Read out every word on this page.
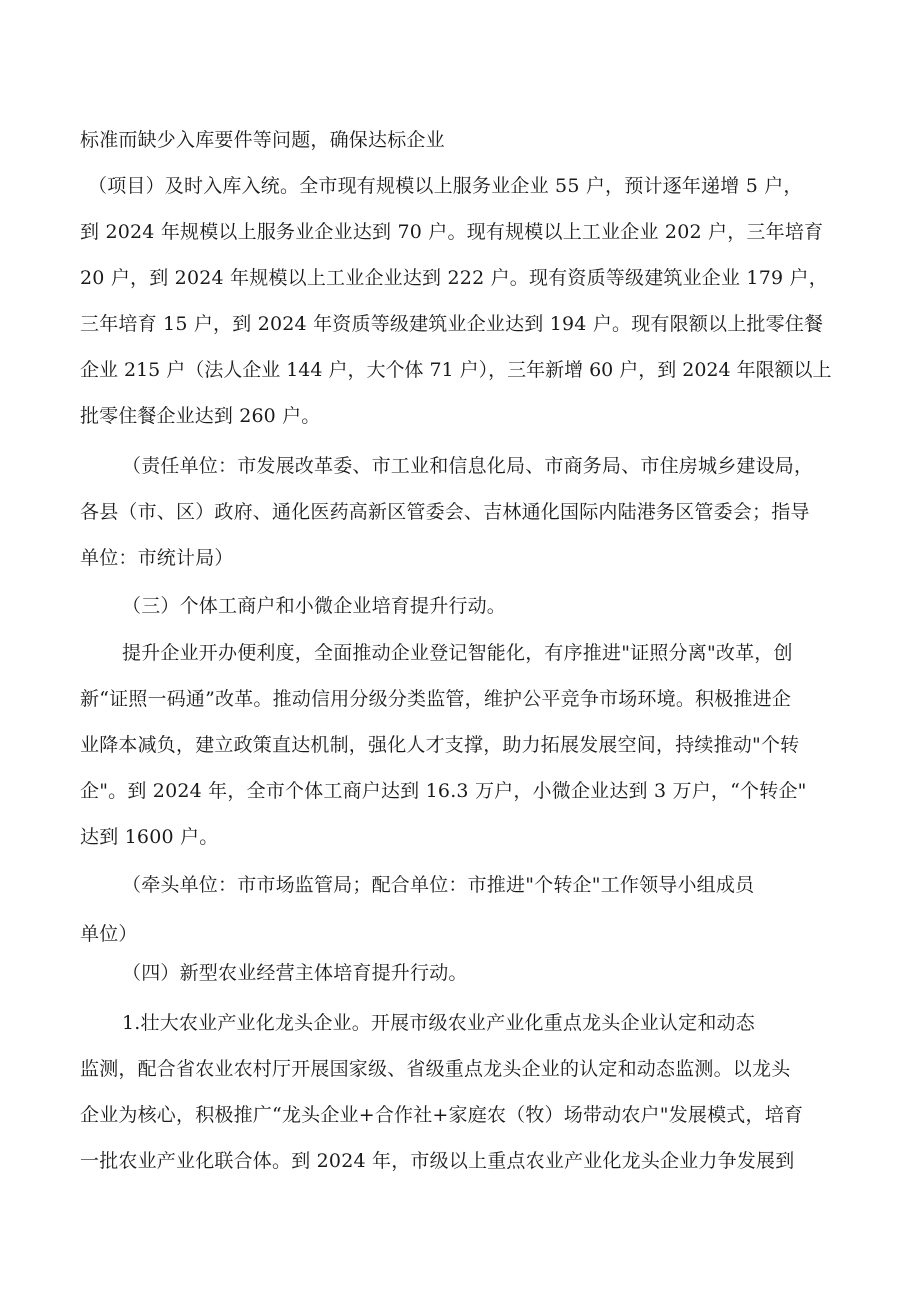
标准而缺少入库要件等问题，确保达标企业
（项目）及时入库入统。全市现有规模以上服务业企业 55 户，预计逐年递增 5 户，
到 2024 年规模以上服务业企业达到 70 户。现有规模以上工业企业 202 户，三年培育
20 户，到 2024 年规模以上工业企业达到 222 户。现有资质等级建筑业企业 179 户，
三年培育 15 户，到 2024 年资质等级建筑业企业达到 194 户。现有限额以上批零住餐
企业 215 户（法人企业 144 户，大个体 71 户），三年新增 60 户，到 2024 年限额以上
批零住餐企业达到 260 户。
（责任单位：市发展改革委、市工业和信息化局、市商务局、市住房城乡建设局，
各县（市、区）政府、通化医药高新区管委会、吉林通化国际内陆港务区管委会；指导
单位：市统计局）
（三）个体工商户和小微企业培育提升行动。
提升企业开办便利度，全面推动企业登记智能化，有序推进"证照分离"改革，创
新“证照一码通”改革。推动信用分级分类监管，维护公平竞争市场环境。积极推进企
业降本减负，建立政策直达机制，强化人才支撑，助力拓展发展空间，持续推动"个转
企"。到 2024 年，全市个体工商户达到 16.3 万户，小微企业达到 3 万户，“个转企"
达到 1600 户。
（牵头单位：市市场监管局；配合单位：市推进"个转企"工作领导小组成员
单位）
（四）新型农业经营主体培育提升行动。
1.壮大农业产业化龙头企业。开展市级农业产业化重点龙头企业认定和动态
监测，配合省农业农村厅开展国家级、省级重点龙头企业的认定和动态监测。以龙头
企业为核心，积极推广“龙头企业+合作社+家庭农（牧）场带动农户"发展模式，培育
一批农业产业化联合体。到 2024 年，市级以上重点农业产业化龙头企业力争发展到
